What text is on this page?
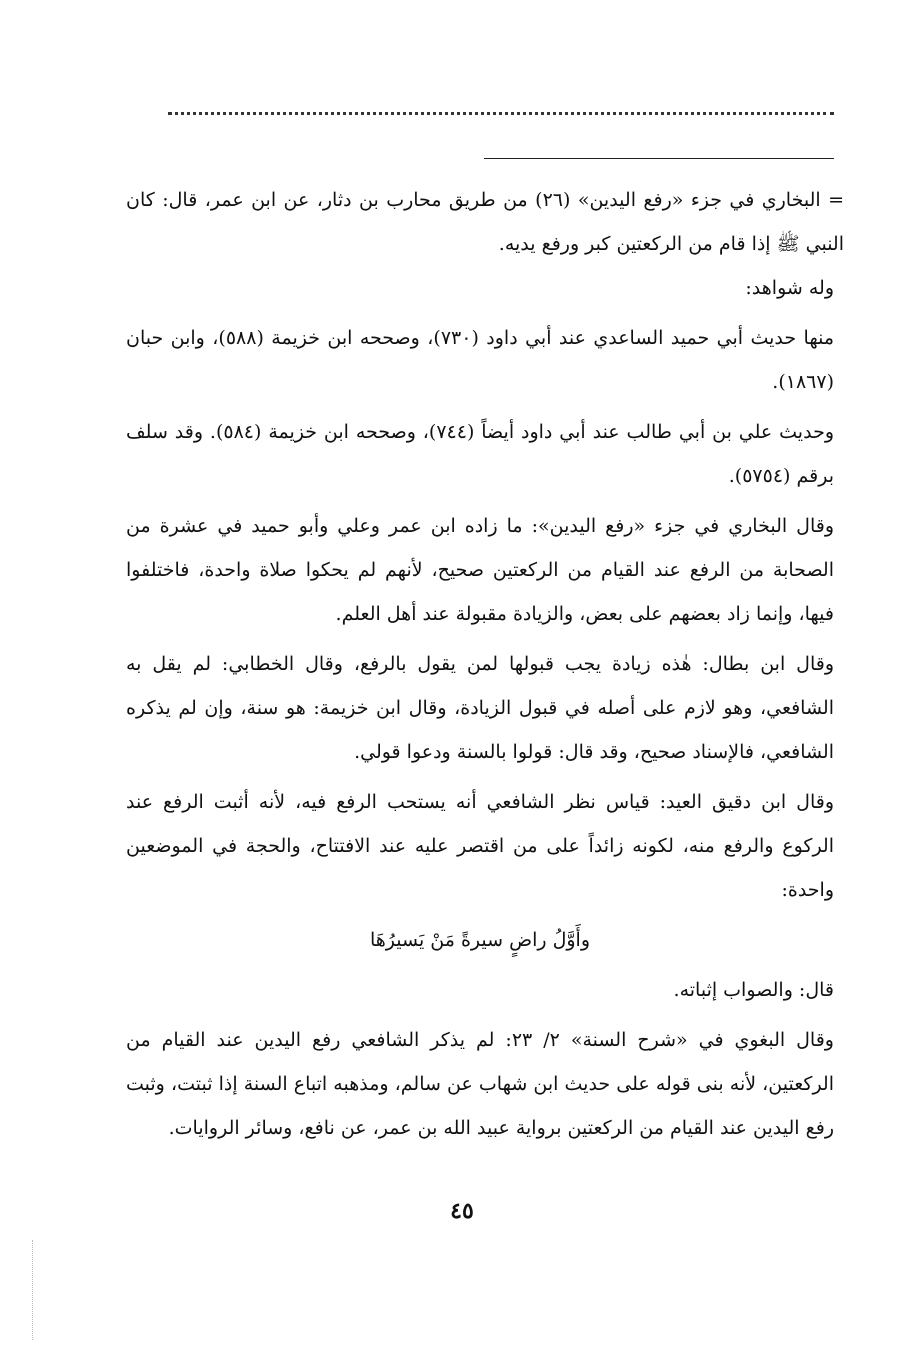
= البخاري في جزء «رفع اليدين» (٢٦) من طريق محارب بن دثار، عن ابن عمر، قال: كان النبي ﷺ إذا قام من الركعتين كبر ورفع يديه.

وله شواهد:

منها حديث أبي حميد الساعدي عند أبي داود (٧٣٠)، وصححه ابن خزيمة (٥٨٨)، وابن حبان (١٨٦٧).

وحديث علي بن أبي طالب عند أبي داود أيضاً (٧٤٤)، وصححه ابن خزيمة (٥٨٤). وقد سلف برقم (٥٧٥٤).

وقال البخاري في جزء «رفع اليدين»: ما زاده ابن عمر وعلي وأبو حميد في عشرة من الصحابة من الرفع عند القيام من الركعتين صحيح، لأنهم لم يحكوا صلاة واحدة، فاختلفوا فيها، وإنما زاد بعضهم على بعض، والزيادة مقبولة عند أهل العلم.

وقال ابن بطال: هٰذه زيادة يجب قبولها لمن يقول بالرفع، وقال الخطابي: لم يقل به الشافعي، وهو لازم على أصله في قبول الزيادة، وقال ابن خزيمة: هو سنة، وإن لم يذكره الشافعي، فالإسناد صحيح، وقد قال: قولوا بالسنة ودعوا قولي.

وقال ابن دقيق العيد: قياس نظر الشافعي أنه يستحب الرفع فيه، لأنه أثبت الرفع عند الركوع والرفع منه، لكونه زائداً على من اقتصر عليه عند الافتتاح، والحجة في الموضعين واحدة:

وأَوَّلُ راضٍ سيرةً مَنْ يَسيرُهَا

قال: والصواب إثباته.

وقال البغوي في «شرح السنة» ٢/ ٢٣: لم يذكر الشافعي رفع اليدين عند القيام من الركعتين، لأنه بنى قوله على حديث ابن شهاب عن سالم، ومذهبه اتباع السنة إذا ثبتت، وثبت رفع اليدين عند القيام من الركعتين برواية عبيد الله بن عمر، عن نافع، وسائر الروايات.

٤٥
